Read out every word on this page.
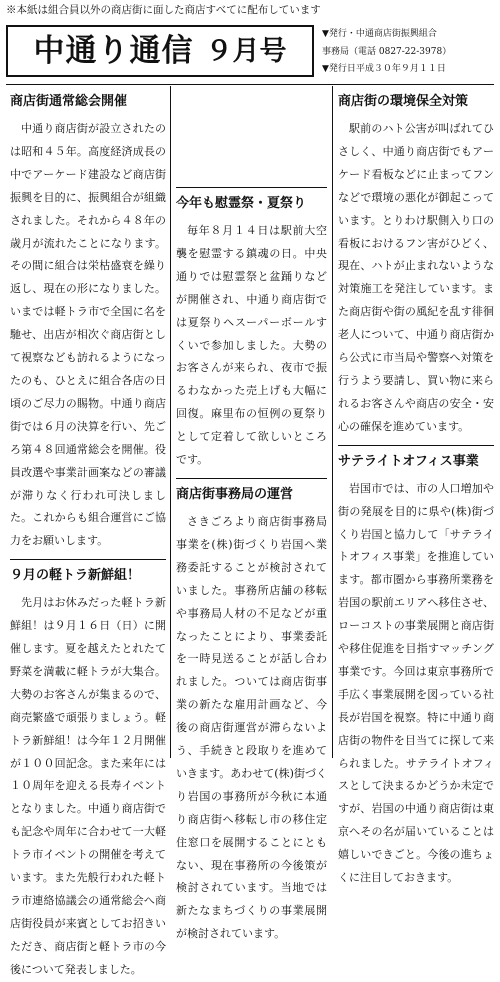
※本紙は組合員以外の商店街に面した商店すべてに配布しています
中通り通信 ９月号
▼発行・中通商店街振興組合
事務局（電話 0827-22-3978）
▼発行日平成３０年９月１１日
商店街通常総会開催

中通り商店街が設立されたのは昭和４５年。高度経済成長の中でアーケード建設など商店街振興を目的に、振興組合が組織されました。それから４８年の歳月が流れたことになります。その間に組合は栄枯盛衰を繰り返し、現在の形になりました。いまでは軽トラ市で全国に名を馳せ、出店が相次ぐ商店街として視察なども訪れるようになったのも、ひとえに組合各店の日頃のご尽力の賜物。中通り商店街では６月の決算を行い、先ごろ第４８回通常総会を開催。役員改選や事業計画案などの審議が滞りなく行われ可決しました。これからも組合運営にご協力をお願いします。

９月の軽トラ新鮮組！

先月はお休みだった軽トラ新鮮組！は９月１６日（日）に開催します。夏を越えたとれたて野菜を満載に軽トラが大集合。大勢のお客さんが集まるので、商売繁盛で頑張りましょう。軽トラ新鮮組！は今年１２月開催が１００回記念。また来年には１０周年を迎える長寿イベントとなりました。中通り商店街でも記念や周年に合わせて一大軽トラ市イベントの開催を考えています。また先般行われた軽トラ市連絡協議会の通常総会へ商店街役員が来賓としてお招きいただき、商店街と軽トラ市の今後について発表しました。

今年も慰霊祭・夏祭り

毎年８月１４日は駅前大空襲を慰霊する鎮魂の日。中央通りでは慰霊祭と盆踊りなどが開催され、中通り商店街では夏祭りヘスーパーボールすくいで参加しました。大勢のお客さんが来られ、夜市で振るわなかった売上げも大幅に回復。麻里布の恒例の夏祭りとして定着して欲しいところです。

商店街事務局の運営

さきごろより商店街事務局事業を(株)街づくり岩国へ業務委託することが検討されていました。事務所店舗の移転や事務局人材の不足などが重なったことにより、事業委託を一時見送ることが話し合われました。ついては商店街事業の新たな雇用計画など、今後の商店街運営が滞らないよう、手続きと段取りを進めていきます。あわせて(株)街づくり岩国の事務所が今秋に本通り商店街へ移転し市の移住定住窓口を展開することにともない、現在事務所の今後策が検討されています。当地では新たなまちづくりの事業展開が検討されています。

商店街の環境保全対策

駅前のハト公害が叫ばれてひさしく、中通り商店街でもアーケード看板などに止まってフンなどで環境の悪化が御起こっています。とりわけ駅側入り口の看板におけるフン害がひどく、現在、ハトが止まれないような対策施工を発注しています。また商店街や街の風紀を乱す徘徊老人について、中通り商店街から公式に市当局や警察へ対策を行うよう要請し、買い物に来られるお客さんや商店の安全・安心の確保を進めています。

サテライトオフィス事業

岩国市では、市の人口増加や街の発展を目的に県や(株)街づくり岩国と協力して「サテライトオフィス事業」を推進しています。都市圏から事務所業務を岩国の駅前エリアへ移住させ、ローコストの事業展開と商店街や移住促進を目指すマッチング事業です。今回は東京事務所で手広く事業展開を図っている社長が岩国を視察。特に中通り商店街の物件を目当てに探して来られました。サテライトオフィスとして決まるかどうか未定ですが、岩国の中通り商店街は東京へその名が届いていることは嬉しいできごと。今後の進ちょくに注目しておきます。
